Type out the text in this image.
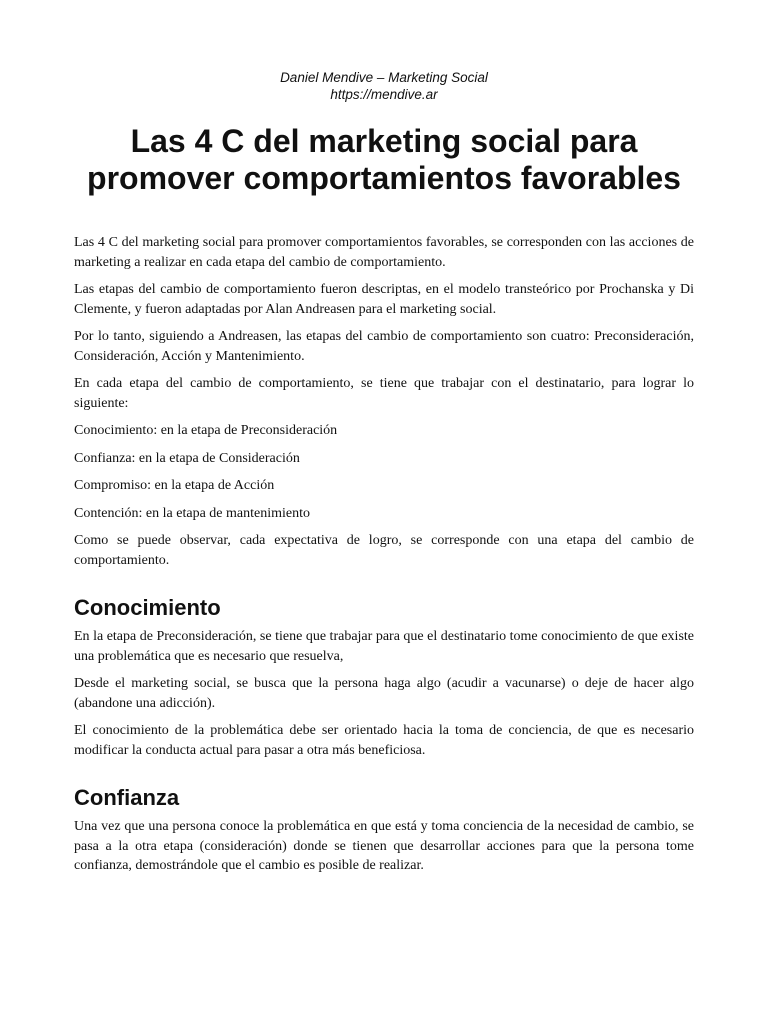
Daniel Mendive – Marketing Social
https://mendive.ar
Las 4 C del marketing social para promover comportamientos favorables

Las 4 C del marketing social para promover comportamientos favorables, se corresponden con las acciones de marketing a realizar en cada etapa del cambio de comportamiento.

Las etapas del cambio de comportamiento fueron descriptas, en el modelo transteórico por Prochanska y Di Clemente, y fueron adaptadas por Alan Andreasen para el marketing social.

Por lo tanto, siguiendo a Andreasen, las etapas del cambio de comportamiento son cuatro: Preconsideración, Consideración, Acción y Mantenimiento.

En cada etapa del cambio de comportamiento, se tiene que trabajar con el destinatario, para lograr lo siguiente:

Conocimiento: en la etapa de Preconsideración

Confianza: en la etapa de Consideración

Compromiso: en la etapa de Acción

Contención: en la etapa de mantenimiento

Como se puede observar, cada expectativa de logro, se corresponde con una etapa del cambio de comportamiento.

Conocimiento

En la etapa de Preconsideración, se tiene que trabajar para que el destinatario tome conocimiento de que existe una problemática que es necesario que resuelva,

Desde el marketing social, se busca que la persona haga algo (acudir a vacunarse) o deje de hacer algo (abandone una adicción).

El conocimiento de la problemática debe ser orientado hacia la toma de conciencia, de que es necesario modificar la conducta actual para pasar a otra más beneficiosa.

Confianza

Una vez que una persona conoce la problemática en que está y toma conciencia de la necesidad de cambio, se pasa a la otra etapa (consideración) donde se tienen que desarrollar acciones para que la persona tome confianza, demostrándole que el cambio es posible de realizar.
